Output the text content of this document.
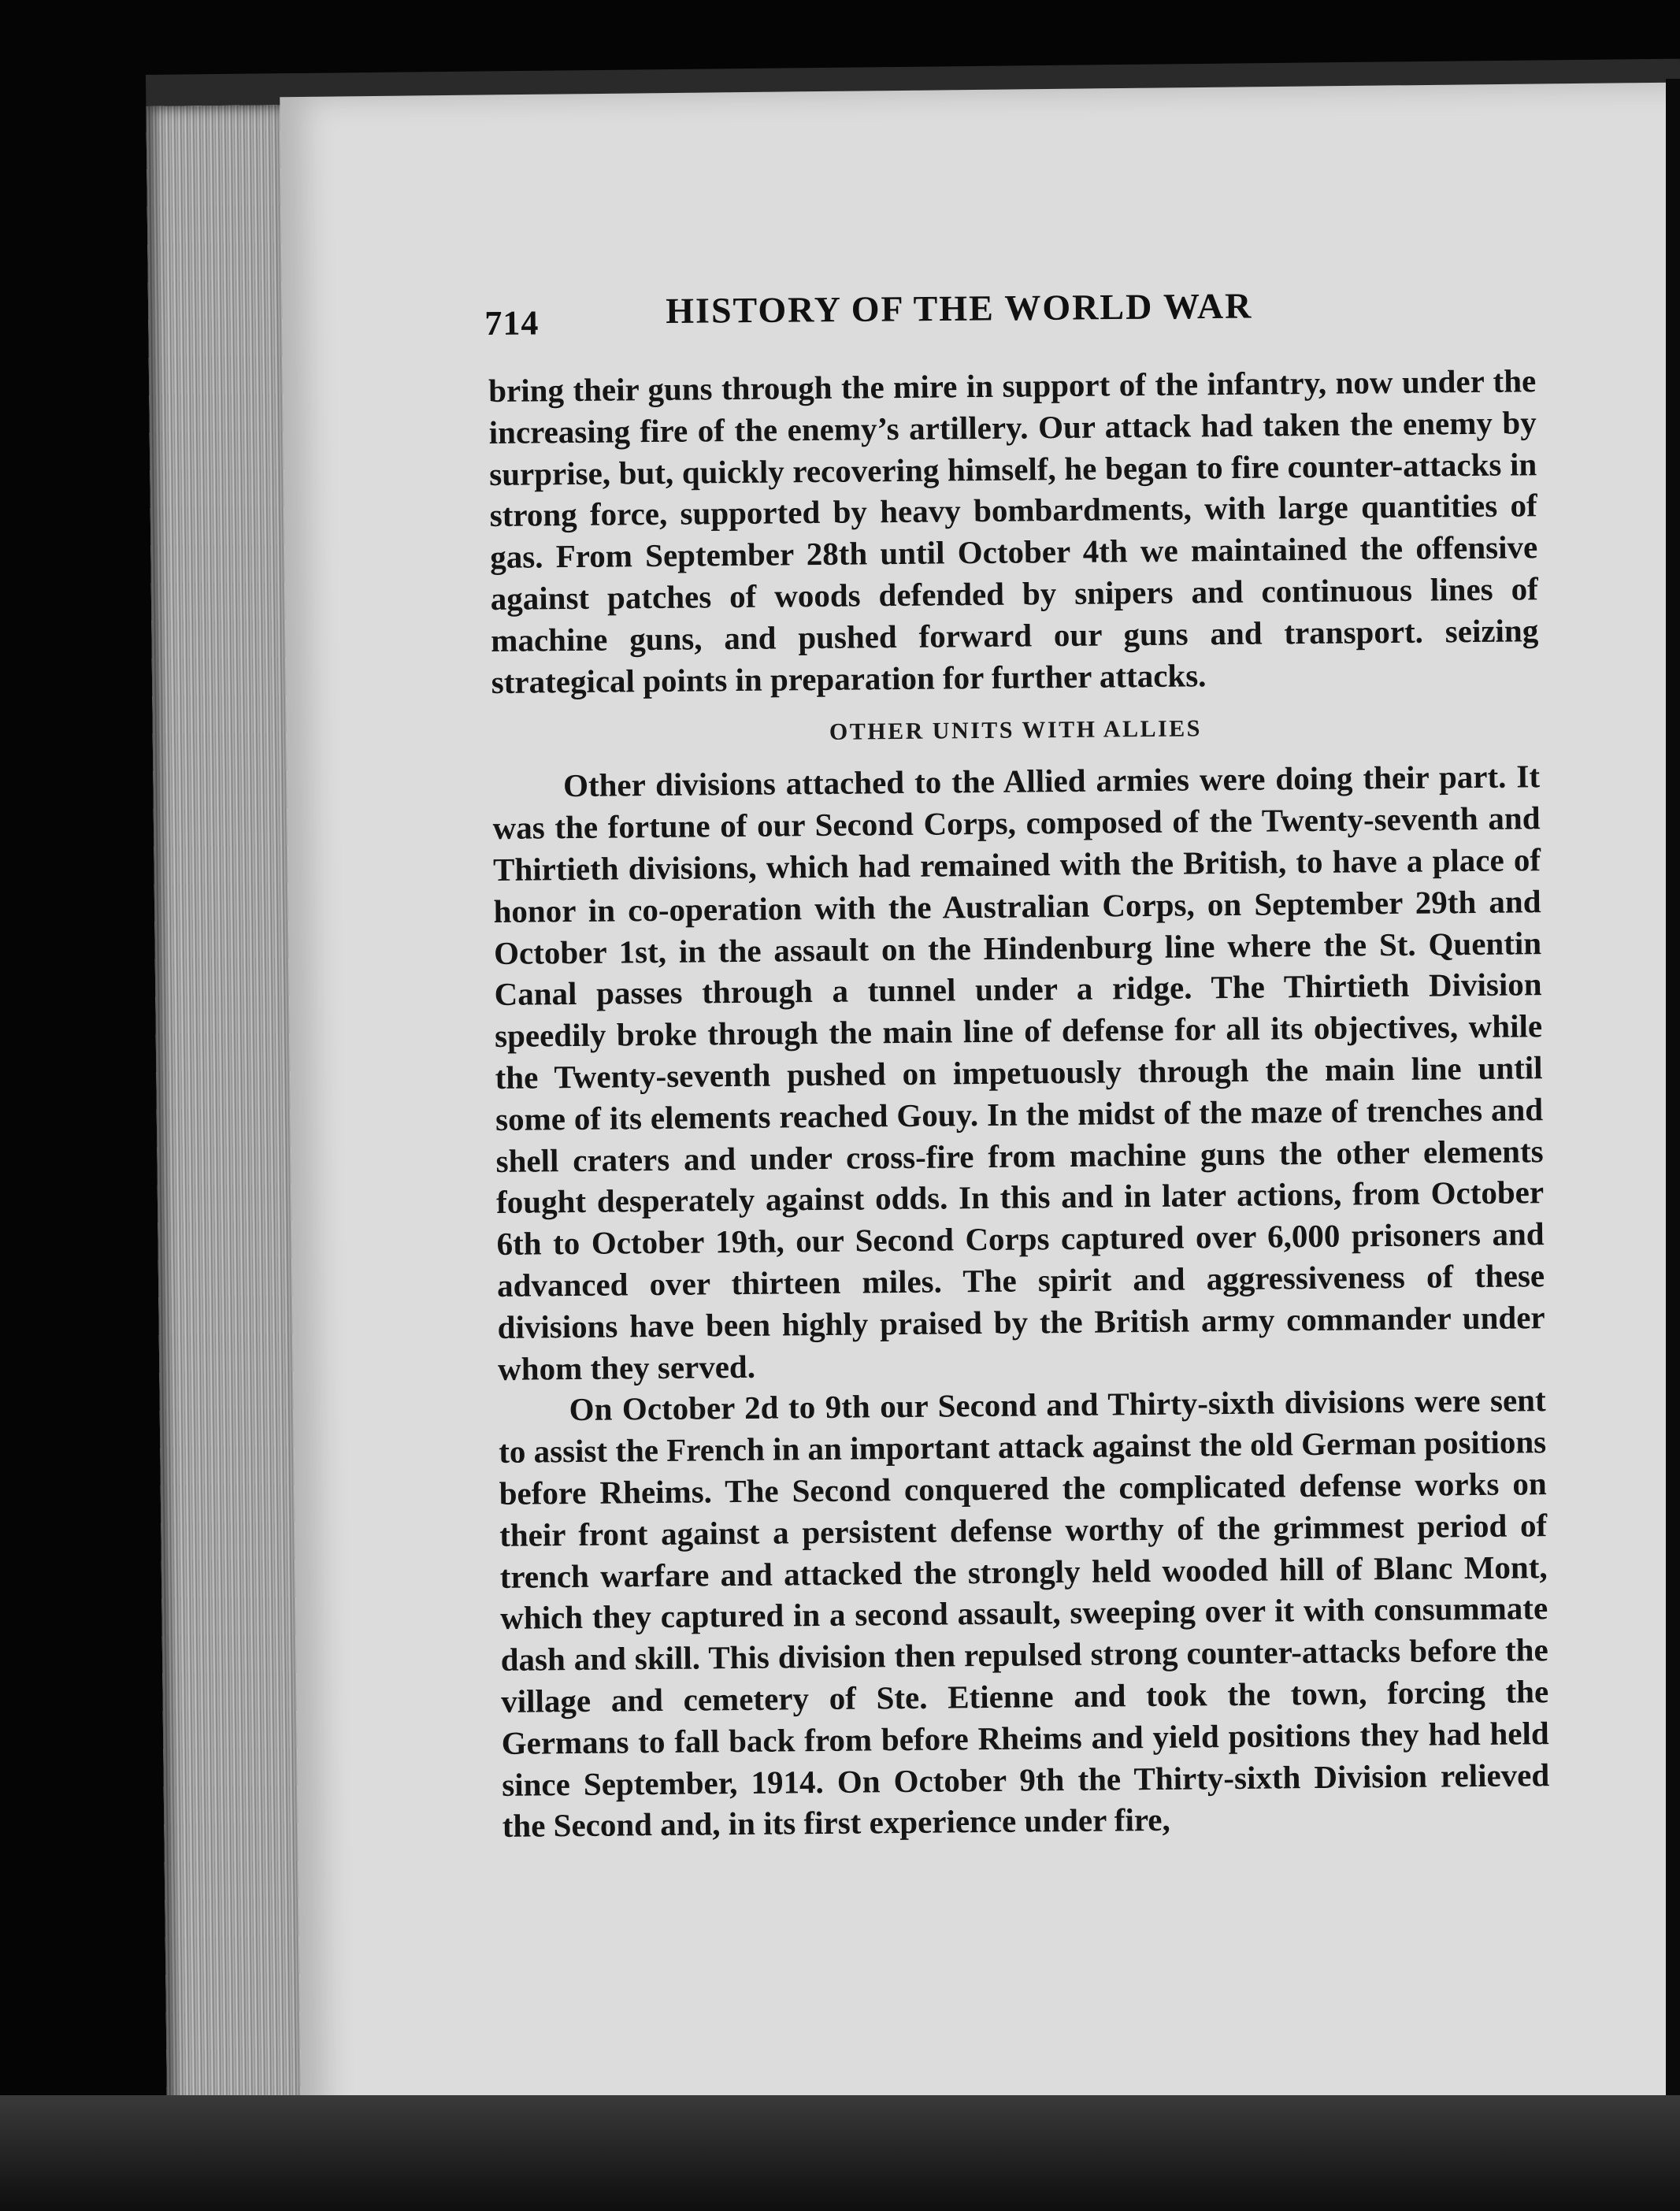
714	HISTORY OF THE WORLD WAR

bring their guns through the mire in support of the infantry, now under the increasing fire of the enemy’s artillery. Our attack had taken the enemy by surprise, but, quickly recovering himself, he began to fire counter-attacks in strong force, supported by heavy bombardments, with large quantities of gas. From September 28th until October 4th we maintained the offensive against patches of woods defended by snipers and continuous lines of machine guns, and pushed forward our guns and transport. seizing strategical points in preparation for further attacks.

OTHER UNITS WITH ALLIES

Other divisions attached to the Allied armies were doing their part. It was the fortune of our Second Corps, composed of the Twenty-seventh and Thirtieth divisions, which had remained with the British, to have a place of honor in co-operation with the Australian Corps, on September 29th and October 1st, in the assault on the Hindenburg line where the St. Quentin Canal passes through a tunnel under a ridge. The Thirtieth Division speedily broke through the main line of defense for all its objectives, while the Twenty-seventh pushed on impetuously through the main line until some of its elements reached Gouy. In the midst of the maze of trenches and shell craters and under cross-fire from machine guns the other elements fought desperately against odds. In this and in later actions, from October 6th to October 19th, our Second Corps captured over 6,000 prisoners and advanced over thirteen miles. The spirit and aggressiveness of these divisions have been highly praised by the British army commander under whom they served.

On October 2d to 9th our Second and Thirty-sixth divisions were sent to assist the French in an important attack against the old German positions before Rheims. The Second conquered the complicated defense works on their front against a persistent defense worthy of the grimmest period of trench warfare and attacked the strongly held wooded hill of Blanc Mont, which they captured in a second assault, sweeping over it with consummate dash and skill. This division then repulsed strong counter-attacks before the village and cemetery of Ste. Etienne and took the town, forcing the Germans to fall back from before Rheims and yield positions they had held since September, 1914. On October 9th the Thirty-sixth Division relieved the Second and, in its first experience under fire,
